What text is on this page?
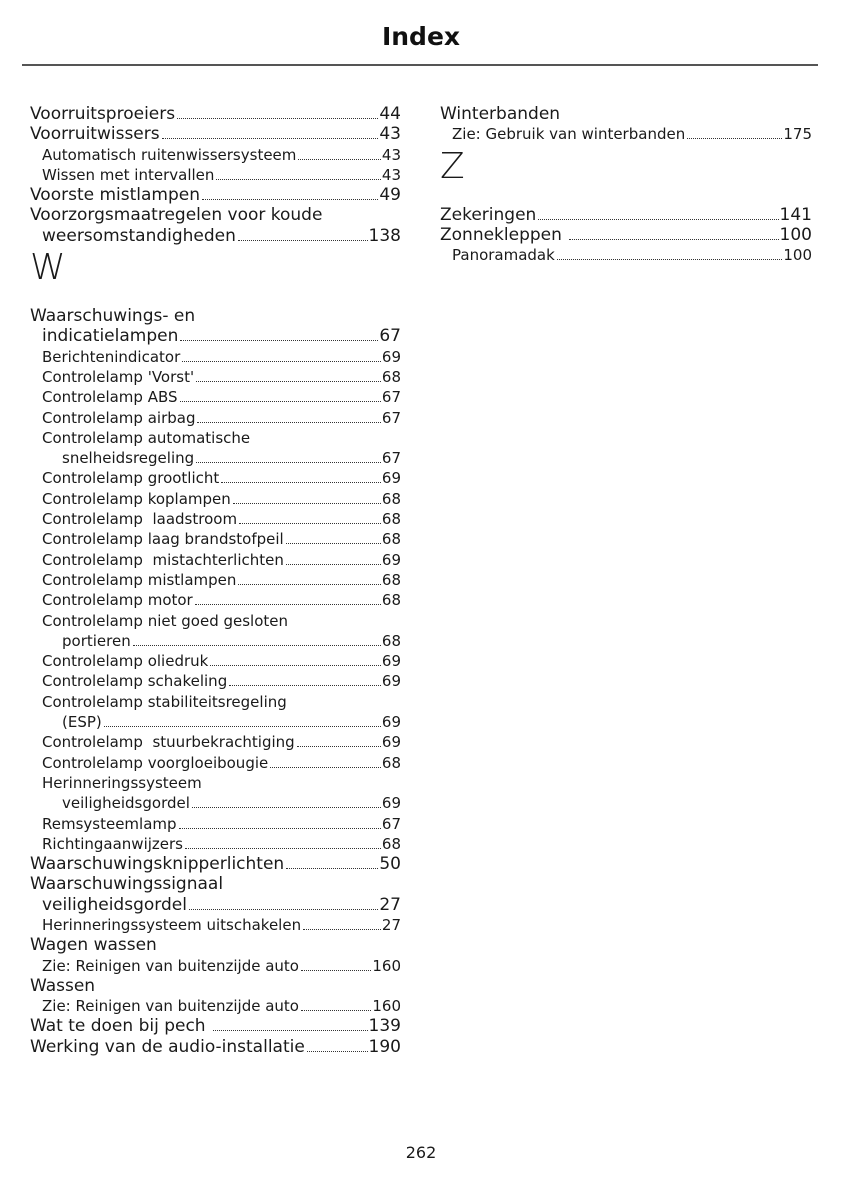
Index
Voorruitsproeiers	44
Voorruitwissers	43
Automatisch ruitenwissersysteem	43
Wissen met intervallen	43
Voorste mistlampen	49
Voorzorgsmaatregelen voor koude
weersomstandigheden	138
W
Waarschuwings- en
indicatielampen	67
Berichtenindicator	69
Controlelamp 'Vorst'	68
Controlelamp ABS	67
Controlelamp airbag	67
Controlelamp automatische
snelheidsregeling	67
Controlelamp grootlicht	69
Controlelamp koplampen	68
Controlelamp  laadstroom	68
Controlelamp laag brandstofpeil	68
Controlelamp  mistachterlichten	69
Controlelamp mistlampen	68
Controlelamp motor	68
Controlelamp niet goed gesloten
portieren	68
Controlelamp oliedruk	69
Controlelamp schakeling	69
Controlelamp stabiliteitsregeling
(ESP)	69
Controlelamp  stuurbekrachtiging	69
Controlelamp voorgloeibougie	68
Herinneringssysteem
veiligheidsgordel	69
Remsysteemlamp	67
Richtingaanwijzers	68
Waarschuwingsknipperlichten	50
Waarschuwingssignaal
veiligheidsgordel	27
Herinneringssysteem uitschakelen	27
Wagen wassen
Zie: Reinigen van buitenzijde auto	160
Wassen
Zie: Reinigen van buitenzijde auto	160
Wat te doen bij pech	139
Werking van de audio-installatie	190
Winterbanden
Zie: Gebruik van winterbanden	175
Z
Zekeringen	141
Zonnekleppen	100
Panoramadak	100
262
